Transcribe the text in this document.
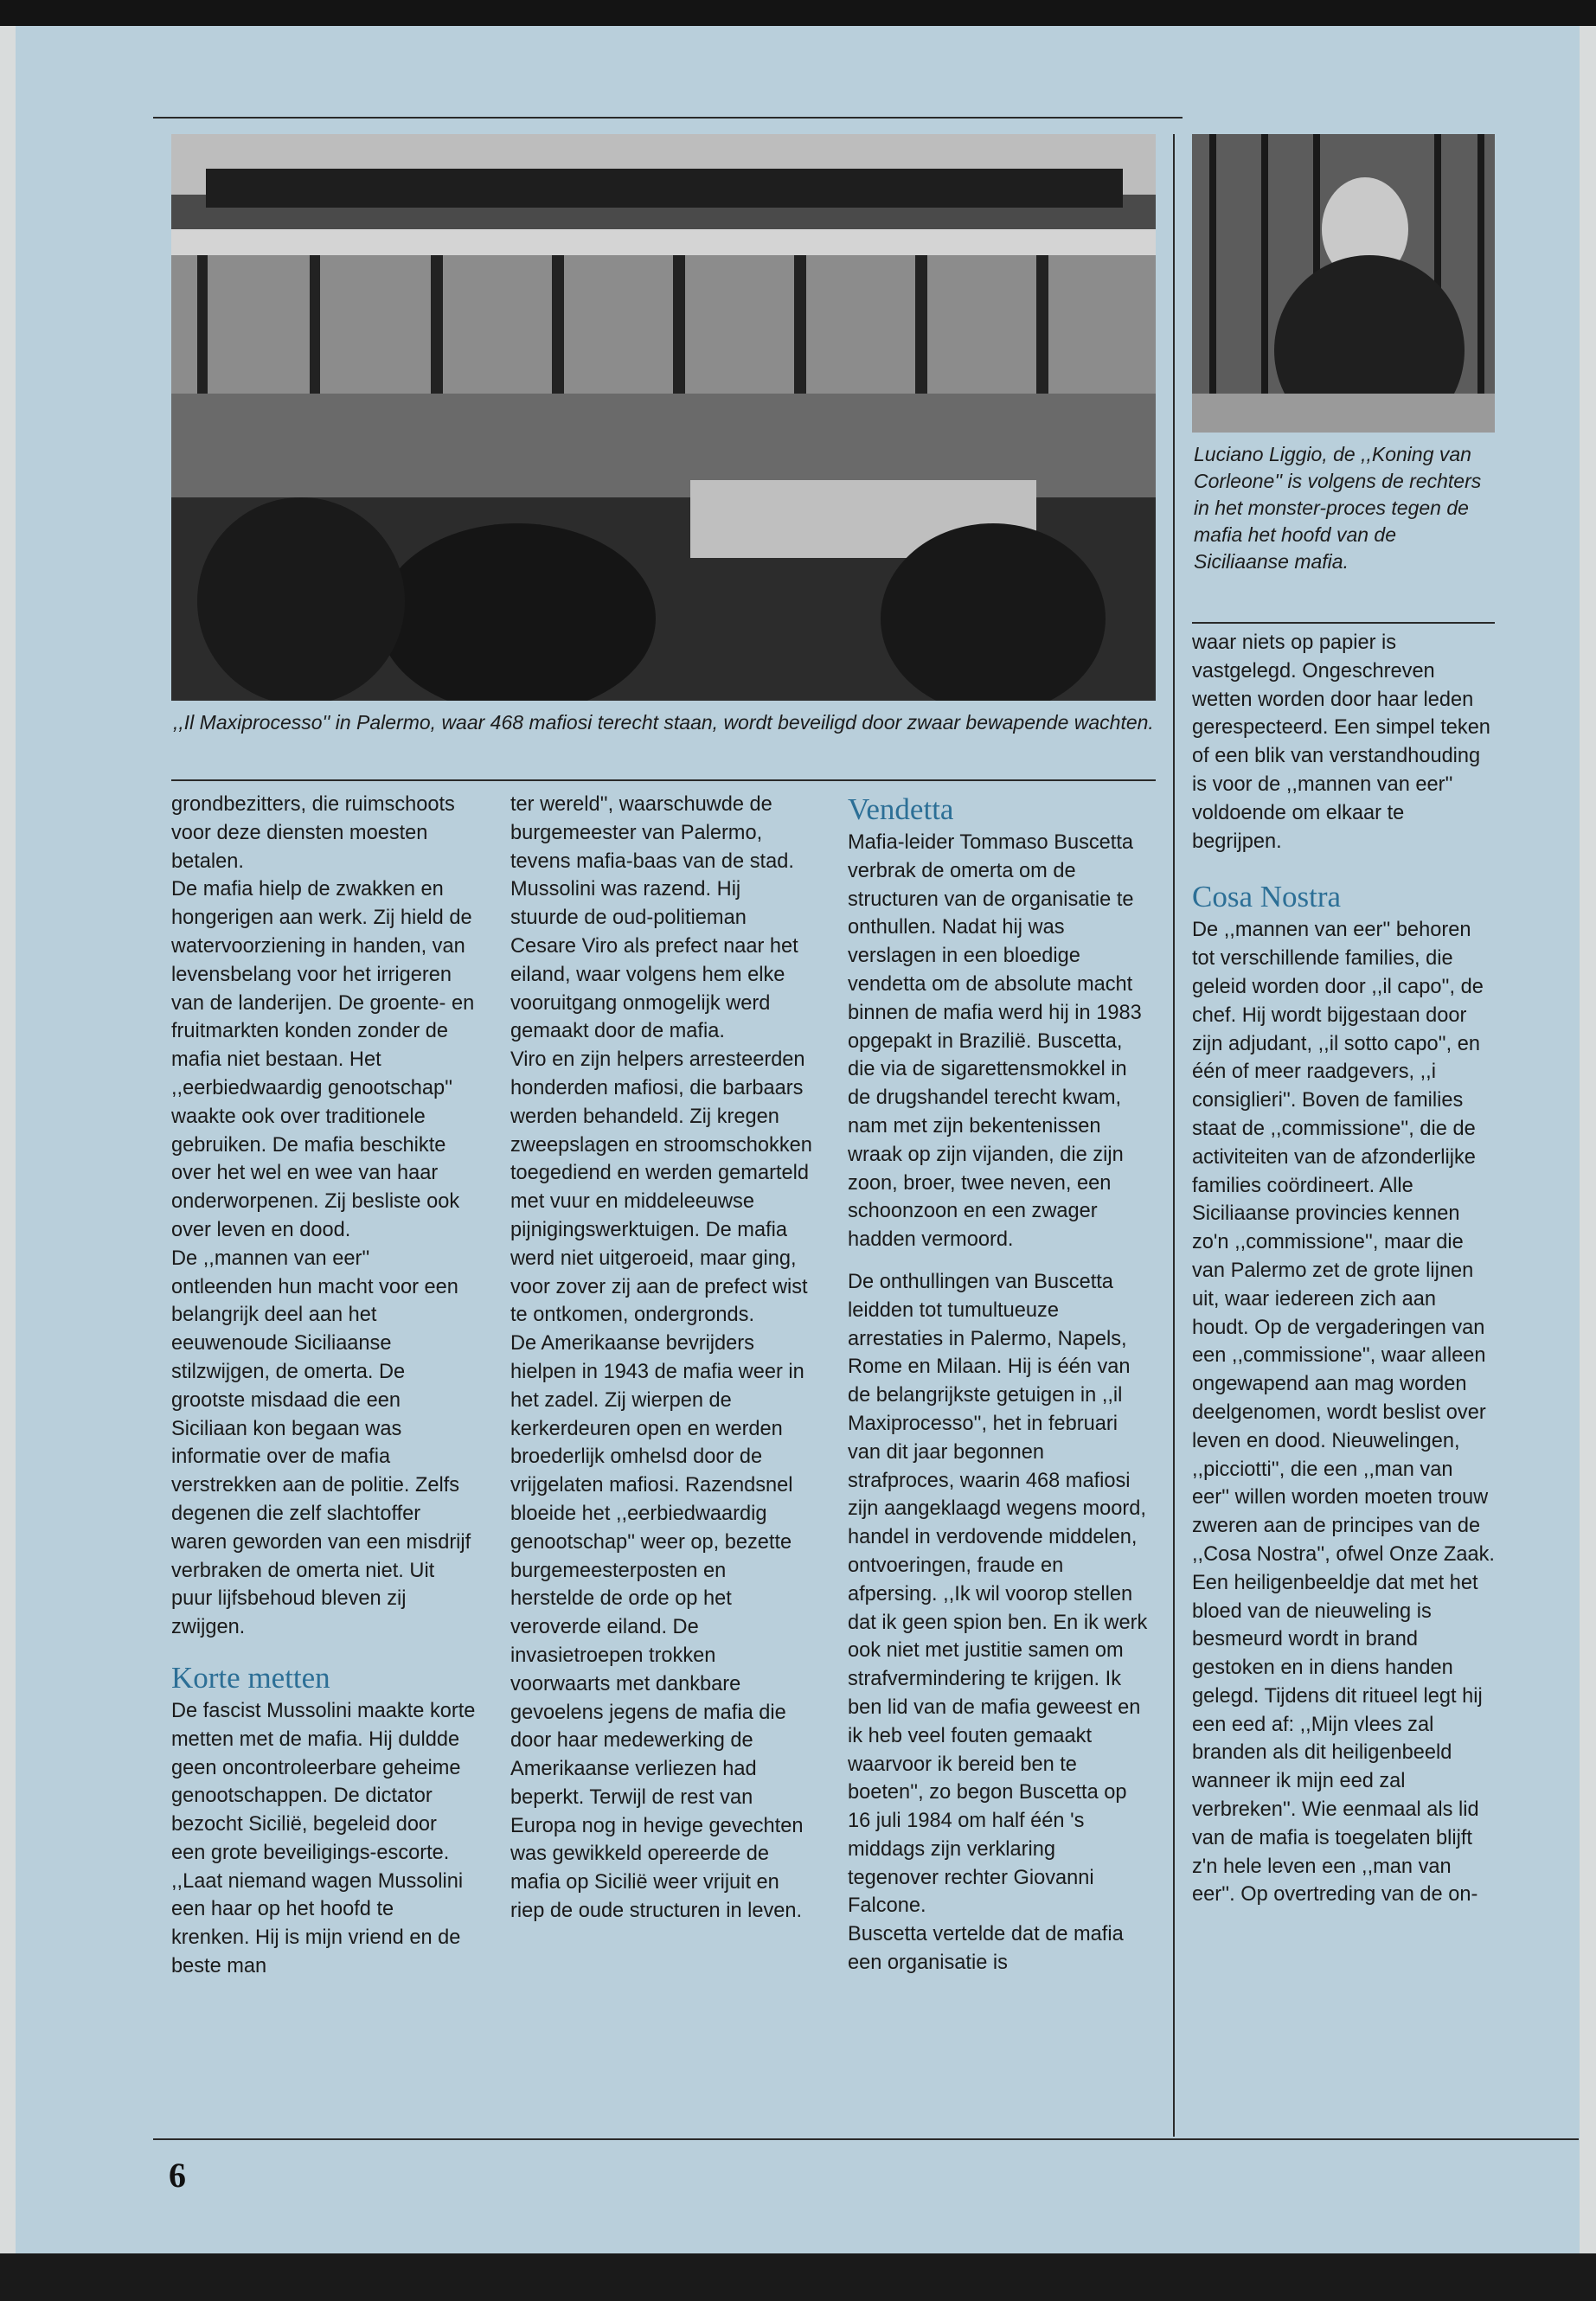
,,Il Maxiprocesso'' in Palermo, waar 468 mafiosi terecht staan, wordt beveiligd door zwaar bewapende wachten.
Luciano Liggio, de ,,Koning van Corleone'' is volgens de rechters in het monster-proces tegen de mafia het hoofd van de Siciliaanse mafia.

grondbezitters, die ruimschoots voor deze diensten moesten betalen.

De mafia hielp de zwakken en hongerigen aan werk. Zij hield de watervoorziening in handen, van levensbelang voor het irrigeren van de landerijen. De groente- en fruitmarkten konden zonder de mafia niet bestaan. Het ,,eerbiedwaardig genootschap'' waakte ook over traditionele gebruiken. De mafia beschikte over het wel en wee van haar onderworpenen. Zij besliste ook over leven en dood.

De ,,mannen van eer'' ontleenden hun macht voor een belangrijk deel aan het eeuwenoude Siciliaanse stilzwijgen, de omerta. De grootste misdaad die een Siciliaan kon begaan was informatie over de mafia verstrekken aan de politie. Zelfs degenen die zelf slachtoffer waren geworden van een misdrijf verbraken de omerta niet. Uit puur lijfsbehoud bleven zij zwijgen.

Korte metten

De fascist Mussolini maakte korte metten met de mafia. Hij duldde geen oncontroleerbare geheime genootschappen. De dictator bezocht Sicilië, begeleid door een grote beveiligings-escorte. ,,Laat niemand wagen Mussolini een haar op het hoofd te krenken. Hij is mijn vriend en de beste man

ter wereld'', waarschuwde de burgemeester van Palermo, tevens mafia-baas van de stad. Mussolini was razend. Hij stuurde de oud-politieman Cesare Viro als prefect naar het eiland, waar volgens hem elke vooruitgang onmogelijk werd gemaakt door de mafia.

Viro en zijn helpers arresteerden honderden mafiosi, die barbaars werden behandeld. Zij kregen zweepslagen en stroomschokken toegediend en werden gemarteld met vuur en middeleeuwse pijnigingswerktuigen. De mafia werd niet uitgeroeid, maar ging, voor zover zij aan de prefect wist te ontkomen, ondergronds.

De Amerikaanse bevrijders hielpen in 1943 de mafia weer in het zadel. Zij wierpen de kerkerdeuren open en werden broederlijk omhelsd door de vrijgelaten mafiosi. Razendsnel bloeide het ,,eerbiedwaardig genootschap'' weer op, bezette burgemeesterposten en herstelde de orde op het veroverde eiland. De invasietroepen trokken voorwaarts met dankbare gevoelens jegens de mafia die door haar medewerking de Amerikaanse verliezen had beperkt. Terwijl de rest van Europa nog in hevige gevechten was gewikkeld opereerde de mafia op Sicilië weer vrijuit en riep de oude structuren in leven.

Vendetta

Mafia-leider Tommaso Buscetta verbrak de omerta om de structuren van de organisatie te onthullen. Nadat hij was verslagen in een bloedige vendetta om de absolute macht binnen de mafia werd hij in 1983 opgepakt in Brazilië. Buscetta, die via de sigarettensmokkel in de drugshandel terecht kwam, nam met zijn bekentenissen wraak op zijn vijanden, die zijn zoon, broer, twee neven, een schoonzoon en een zwager hadden vermoord.

De onthullingen van Buscetta leidden tot tumultueuze arrestaties in Palermo, Napels, Rome en Milaan. Hij is één van de belangrijkste getuigen in ,,il Maxiprocesso'', het in februari van dit jaar begonnen strafproces, waarin 468 mafiosi zijn aangeklaagd wegens moord, handel in verdovende middelen, ontvoeringen, fraude en afpersing. ,,Ik wil voorop stellen dat ik geen spion ben. En ik werk ook niet met justitie samen om strafvermindering te krijgen. Ik ben lid van de mafia geweest en ik heb veel fouten gemaakt waarvoor ik bereid ben te boeten'', zo begon Buscetta op 16 juli 1984 om half één 's middags zijn verklaring tegenover rechter Giovanni Falcone.

Buscetta vertelde dat de mafia een organisatie is

waar niets op papier is vastgelegd. Ongeschreven wetten worden door haar leden gerespecteerd. Een simpel teken of een blik van verstandhouding is voor de ,,mannen van eer'' voldoende om elkaar te begrijpen.

Cosa Nostra

De ,,mannen van eer'' behoren tot verschillende families, die geleid worden door ,,il capo'', de chef. Hij wordt bijgestaan door zijn adjudant, ,,il sotto capo'', en één of meer raadgevers, ,,i consiglieri''. Boven de families staat de ,,commissione'', die de activiteiten van de afzonderlijke families coördineert. Alle Siciliaanse provincies kennen zo'n ,,commissione'', maar die van Palermo zet de grote lijnen uit, waar iedereen zich aan houdt. Op de vergaderingen van een ,,commissione'', waar alleen ongewapend aan mag worden deelgenomen, wordt beslist over leven en dood. Nieuwelingen, ,,picciotti'', die een ,,man van eer'' willen worden moeten trouw zweren aan de principes van de ,,Cosa Nostra'', ofwel Onze Zaak. Een heiligenbeeldje dat met het bloed van de nieuweling is besmeurd wordt in brand gestoken en in diens handen gelegd. Tijdens dit ritueel legt hij een eed af: ,,Mijn vlees zal branden als dit heiligenbeeld wanneer ik mijn eed zal verbreken''. Wie eenmaal als lid van de mafia is toegelaten blijft z'n hele leven een ,,man van eer''. Op overtreding van de on-

6
